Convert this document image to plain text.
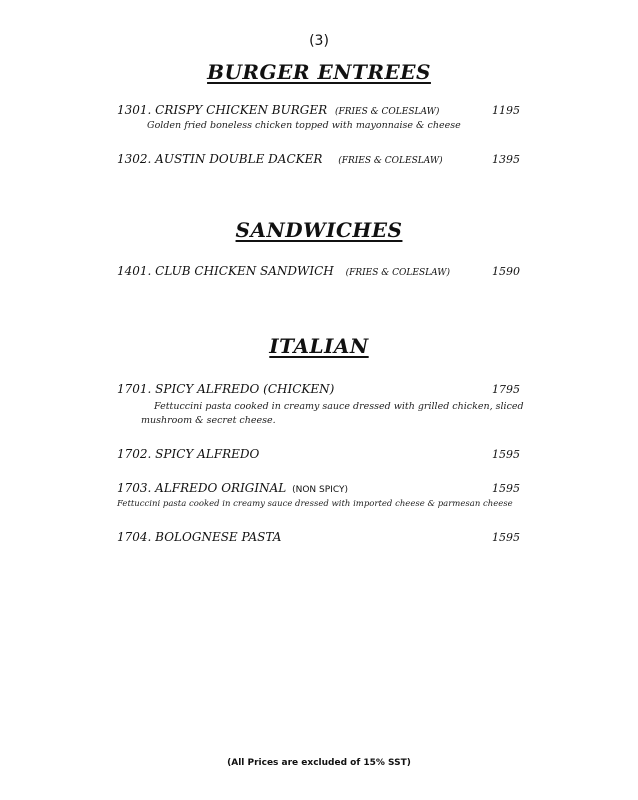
(3)
BURGER ENTREES
1301. CRISPY CHICKEN BURGER (FRIES & COLESLAW)	1195
Golden fried boneless chicken topped with mayonnaise & cheese
1302. AUSTIN DOUBLE DACKER (FRIES & COLESLAW)	1395
SANDWICHES
1401. CLUB CHICKEN SANDWICH (FRIES & COLESLAW)	1590
ITALIAN
1701. SPICY ALFREDO (CHICKEN)	1795
Fettuccini pasta cooked in creamy sauce dressed with grilled chicken, sliced
mushroom & secret cheese.
1702. SPICY ALFREDO	1595
1703. ALFREDO ORIGINAL (NON SPICY)	1595
Fettuccini pasta cooked in creamy sauce dressed with imported cheese & parmesan cheese
1704. BOLOGNESE PASTA	1595
(All Prices are excluded of 15% SST)
